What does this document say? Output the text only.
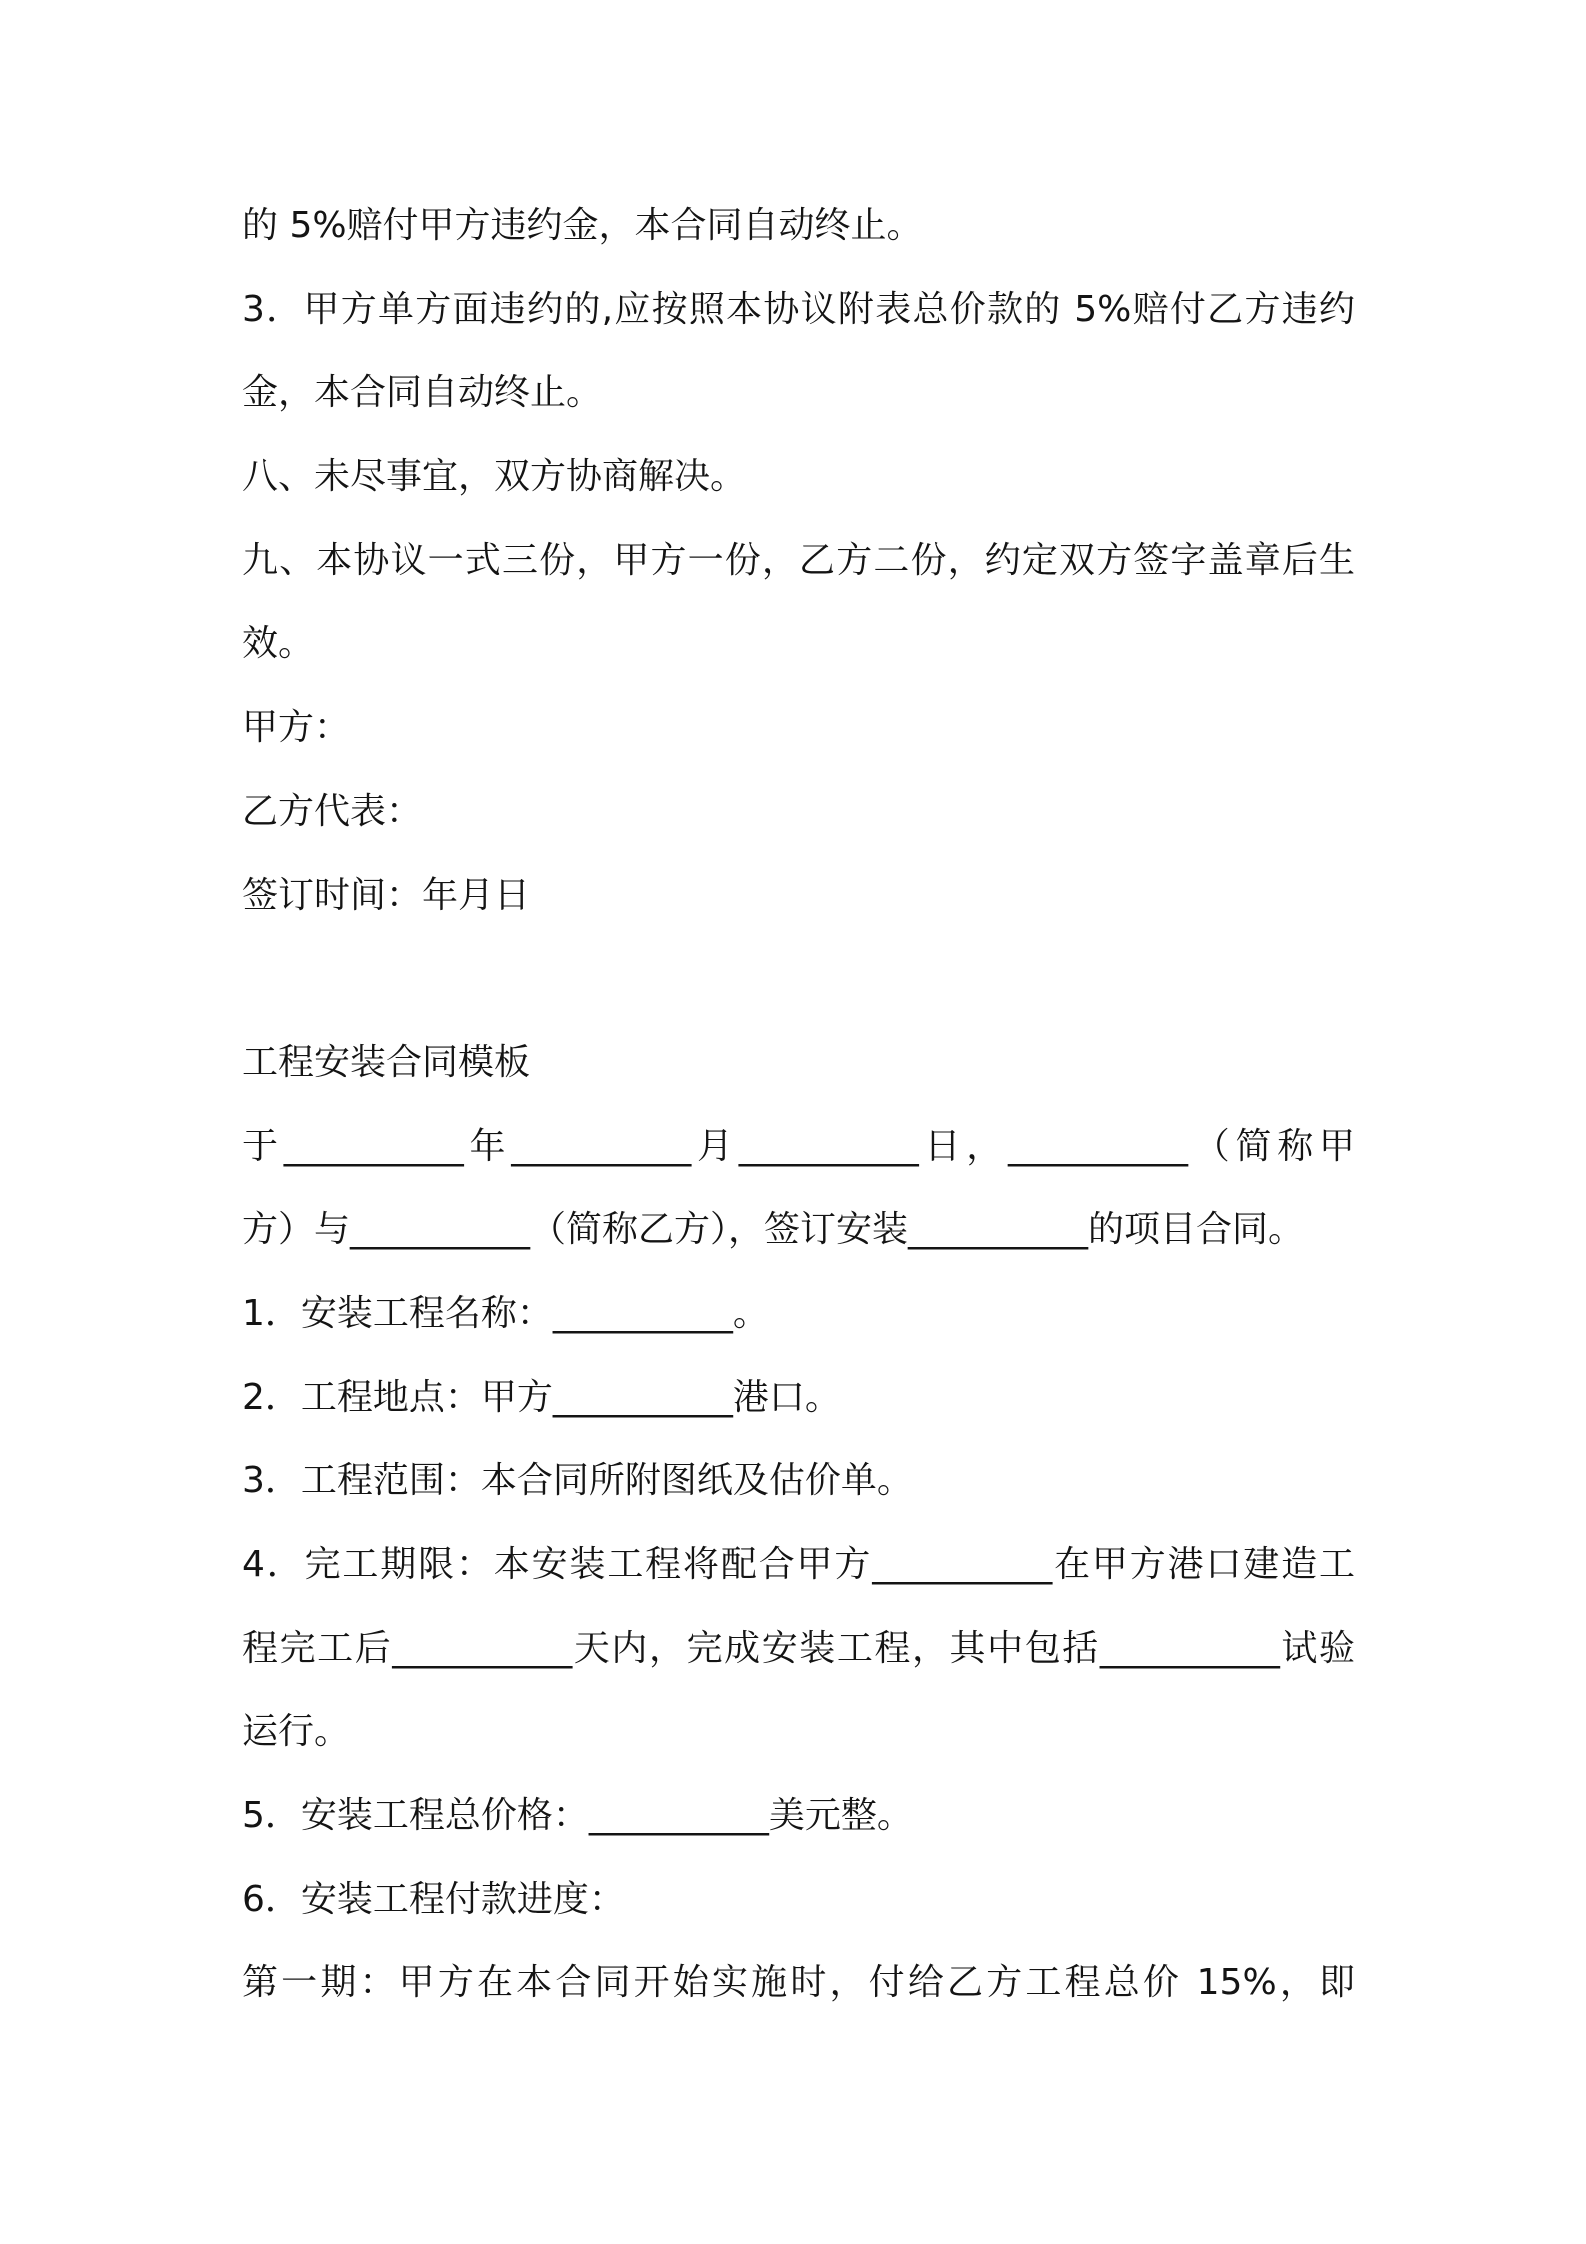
的 5%赔付甲方违约金，本合同自动终止。
3．甲方单方面违约的,应按照本协议附表总价款的 5%赔付乙方违约
金，本合同自动终止。
八、未尽事宜，双方协商解决。
九、本协议一式三份，甲方一份，乙方二份，约定双方签字盖章后生
效。
甲方：
乙方代表：
签订时间：年月日
工程安装合同模板
于__________年__________月__________日，__________（简称甲
方）与__________（简称乙方），签订安装__________的项目合同。
1．安装工程名称：__________。
2．工程地点：甲方__________港口。
3．工程范围：本合同所附图纸及估价单。
4．完工期限：本安装工程将配合甲方__________在甲方港口建造工
程完工后__________天内，完成安装工程，其中包括__________试验
运行。
5．安装工程总价格：__________美元整。
6．安装工程付款进度：
第一期：甲方在本合同开始实施时，付给乙方工程总价 15%，即
